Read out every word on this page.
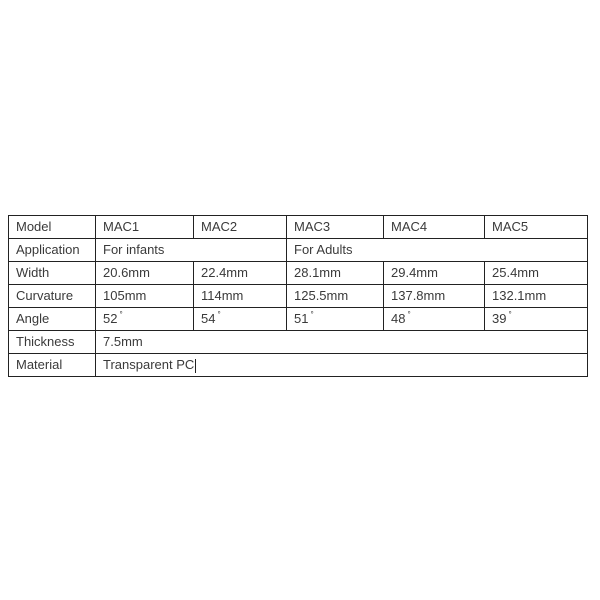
Model	MAC1	MAC2	MAC3	MAC4	MAC5
Application	For infants		For Adults		
Width	20.6mm	22.4mm	28.1mm	29.4mm	25.4mm
Curvature	105mm	114mm	125.5mm	137.8mm	132.1mm
Angle	52 °	54 °	51 °	48 °	39 °
Thickness	7.5mm				
Material	Transparent PC				
